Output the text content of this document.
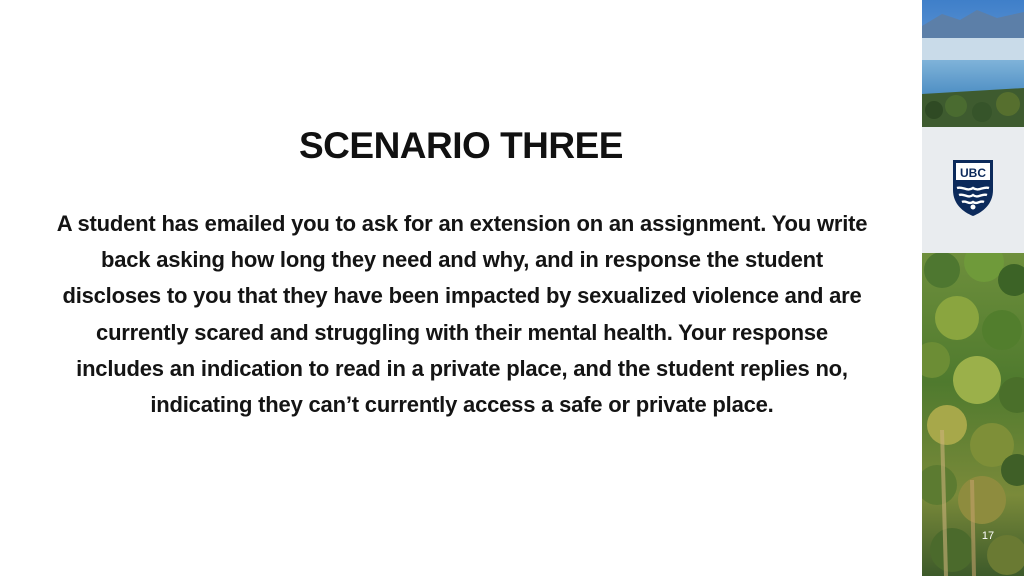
SCENARIO THREE
A student has emailed you to ask for an extension on an assignment. You write back asking how long they need and why, and in response the student discloses to you that they have been impacted by sexualized violence and are currently scared and struggling with their mental health. Your response includes an indication to read in a private place, and the student replies no, indicating they can’t currently access a safe or private place.
UBC
17
